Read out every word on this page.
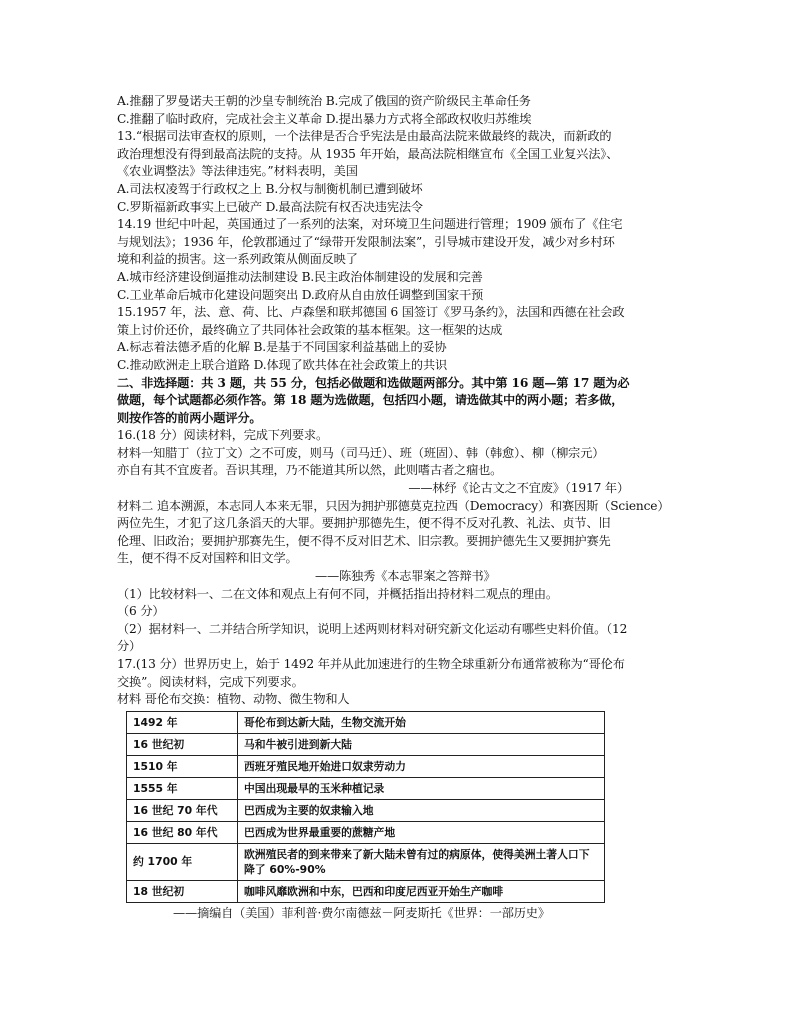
A.推翻了罗曼诺夫王朝的沙皇专制统治 B.完成了俄国的资产阶级民主革命任务
C.推翻了临时政府，完成社会主义革命 D.提出暴力方式将全部政权收归苏维埃
13.“根据司法审查权的原则，一个法律是否合乎宪法是由最高法院来做最终的裁决，而新政的
政治理想没有得到最高法院的支持。从 1935 年开始，最高法院相继宣布《全国工业复兴法》、
《农业调整法》等法律违宪。”材料表明，美国
A.司法权凌驾于行政权之上 B.分权与制衡机制已遭到破坏
C.罗斯福新政事实上已破产 D.最高法院有权否决违宪法令
14.19 世纪中叶起，英国通过了一系列的法案，对环境卫生问题进行管理；1909 颁布了《住宅
与规划法》；1936 年，伦敦郡通过了“绿带开发限制法案”，引导城市建设开发，减少对乡村环
境和利益的损害。这一系列政策从侧面反映了
A.城市经济建设倒逼推动法制建设 B.民主政治体制建设的发展和完善
C.工业革命后城市化建设问题突出 D.政府从自由放任调整到国家干预
15.1957 年，法、意、荷、比、卢森堡和联邦德国 6 国签订《罗马条约》，法国和西德在社会政
策上讨价还价，最终确立了共同体社会政策的基本框架。这一框架的达成
A.标志着法德矛盾的化解 B.是基于不同国家利益基础上的妥协
C.推动欧洲走上联合道路 D.体现了欧共体在社会政策上的共识
二、非选择题：共 3 题，共 55 分，包括必做题和选做题两部分。其中第 16 题—第 17 题为必
做题，每个试题都必须作答。第 18 题为选做题，包括四小题，请选做其中的两小题；若多做，
则按作答的前两小题评分。
16.(18 分）阅读材料，完成下列要求。
材料一知腊丁（拉丁文）之不可废，则马（司马迁）、班（班固）、韩（韩愈）、柳（柳宗元）
亦自有其不宜废者。吾识其理，乃不能道其所以然，此则嗜古者之痼也。
——林纾《论古文之不宜废》（1917 年）
材料二 追本溯源，本志同人本来无罪，只因为拥护那德莫克拉西（Democracy）和赛因斯（Science）
两位先生，才犯了这几条滔天的大罪。要拥护那德先生，便不得不反对孔教、礼法、贞节、旧
伦理、旧政治；要拥护那赛先生，便不得不反对旧艺术、旧宗教。要拥护德先生又要拥护赛先
生，便不得不反对国粹和旧文学。
——陈独秀《本志罪案之答辩书》
（1）比较材料一、二在文体和观点上有何不同，并概括指出持材料二观点的理由。
（6 分）
（2）据材料一、二并结合所学知识，说明上述两则材料对研究新文化运动有哪些史料价值。（12
分）
17.(13 分）世界历史上，始于 1492 年并从此加速进行的生物全球重新分布通常被称为“哥伦布
交换”。阅读材料，完成下列要求。
材料 哥伦布交换：植物、动物、微生物和人
1492 年	哥伦布到达新大陆，生物交流开始
16 世纪初	马和牛被引进到新大陆
1510 年	西班牙殖民地开始进口奴隶劳动力
1555 年	中国出现最早的玉米种植记录
16 世纪 70 年代	巴西成为主要的奴隶输入地
16 世纪 80 年代	巴西成为世界最重要的蔗糖产地
约 1700 年	欧洲殖民者的到来带来了新大陆未曾有过的病原体，使得美洲土著人口下降了 60%-90%
18 世纪初	咖啡风靡欧洲和中东，巴西和印度尼西亚开始生产咖啡
——摘编自（美国）菲利普·费尔南德兹－阿麦斯托《世界：一部历史》
